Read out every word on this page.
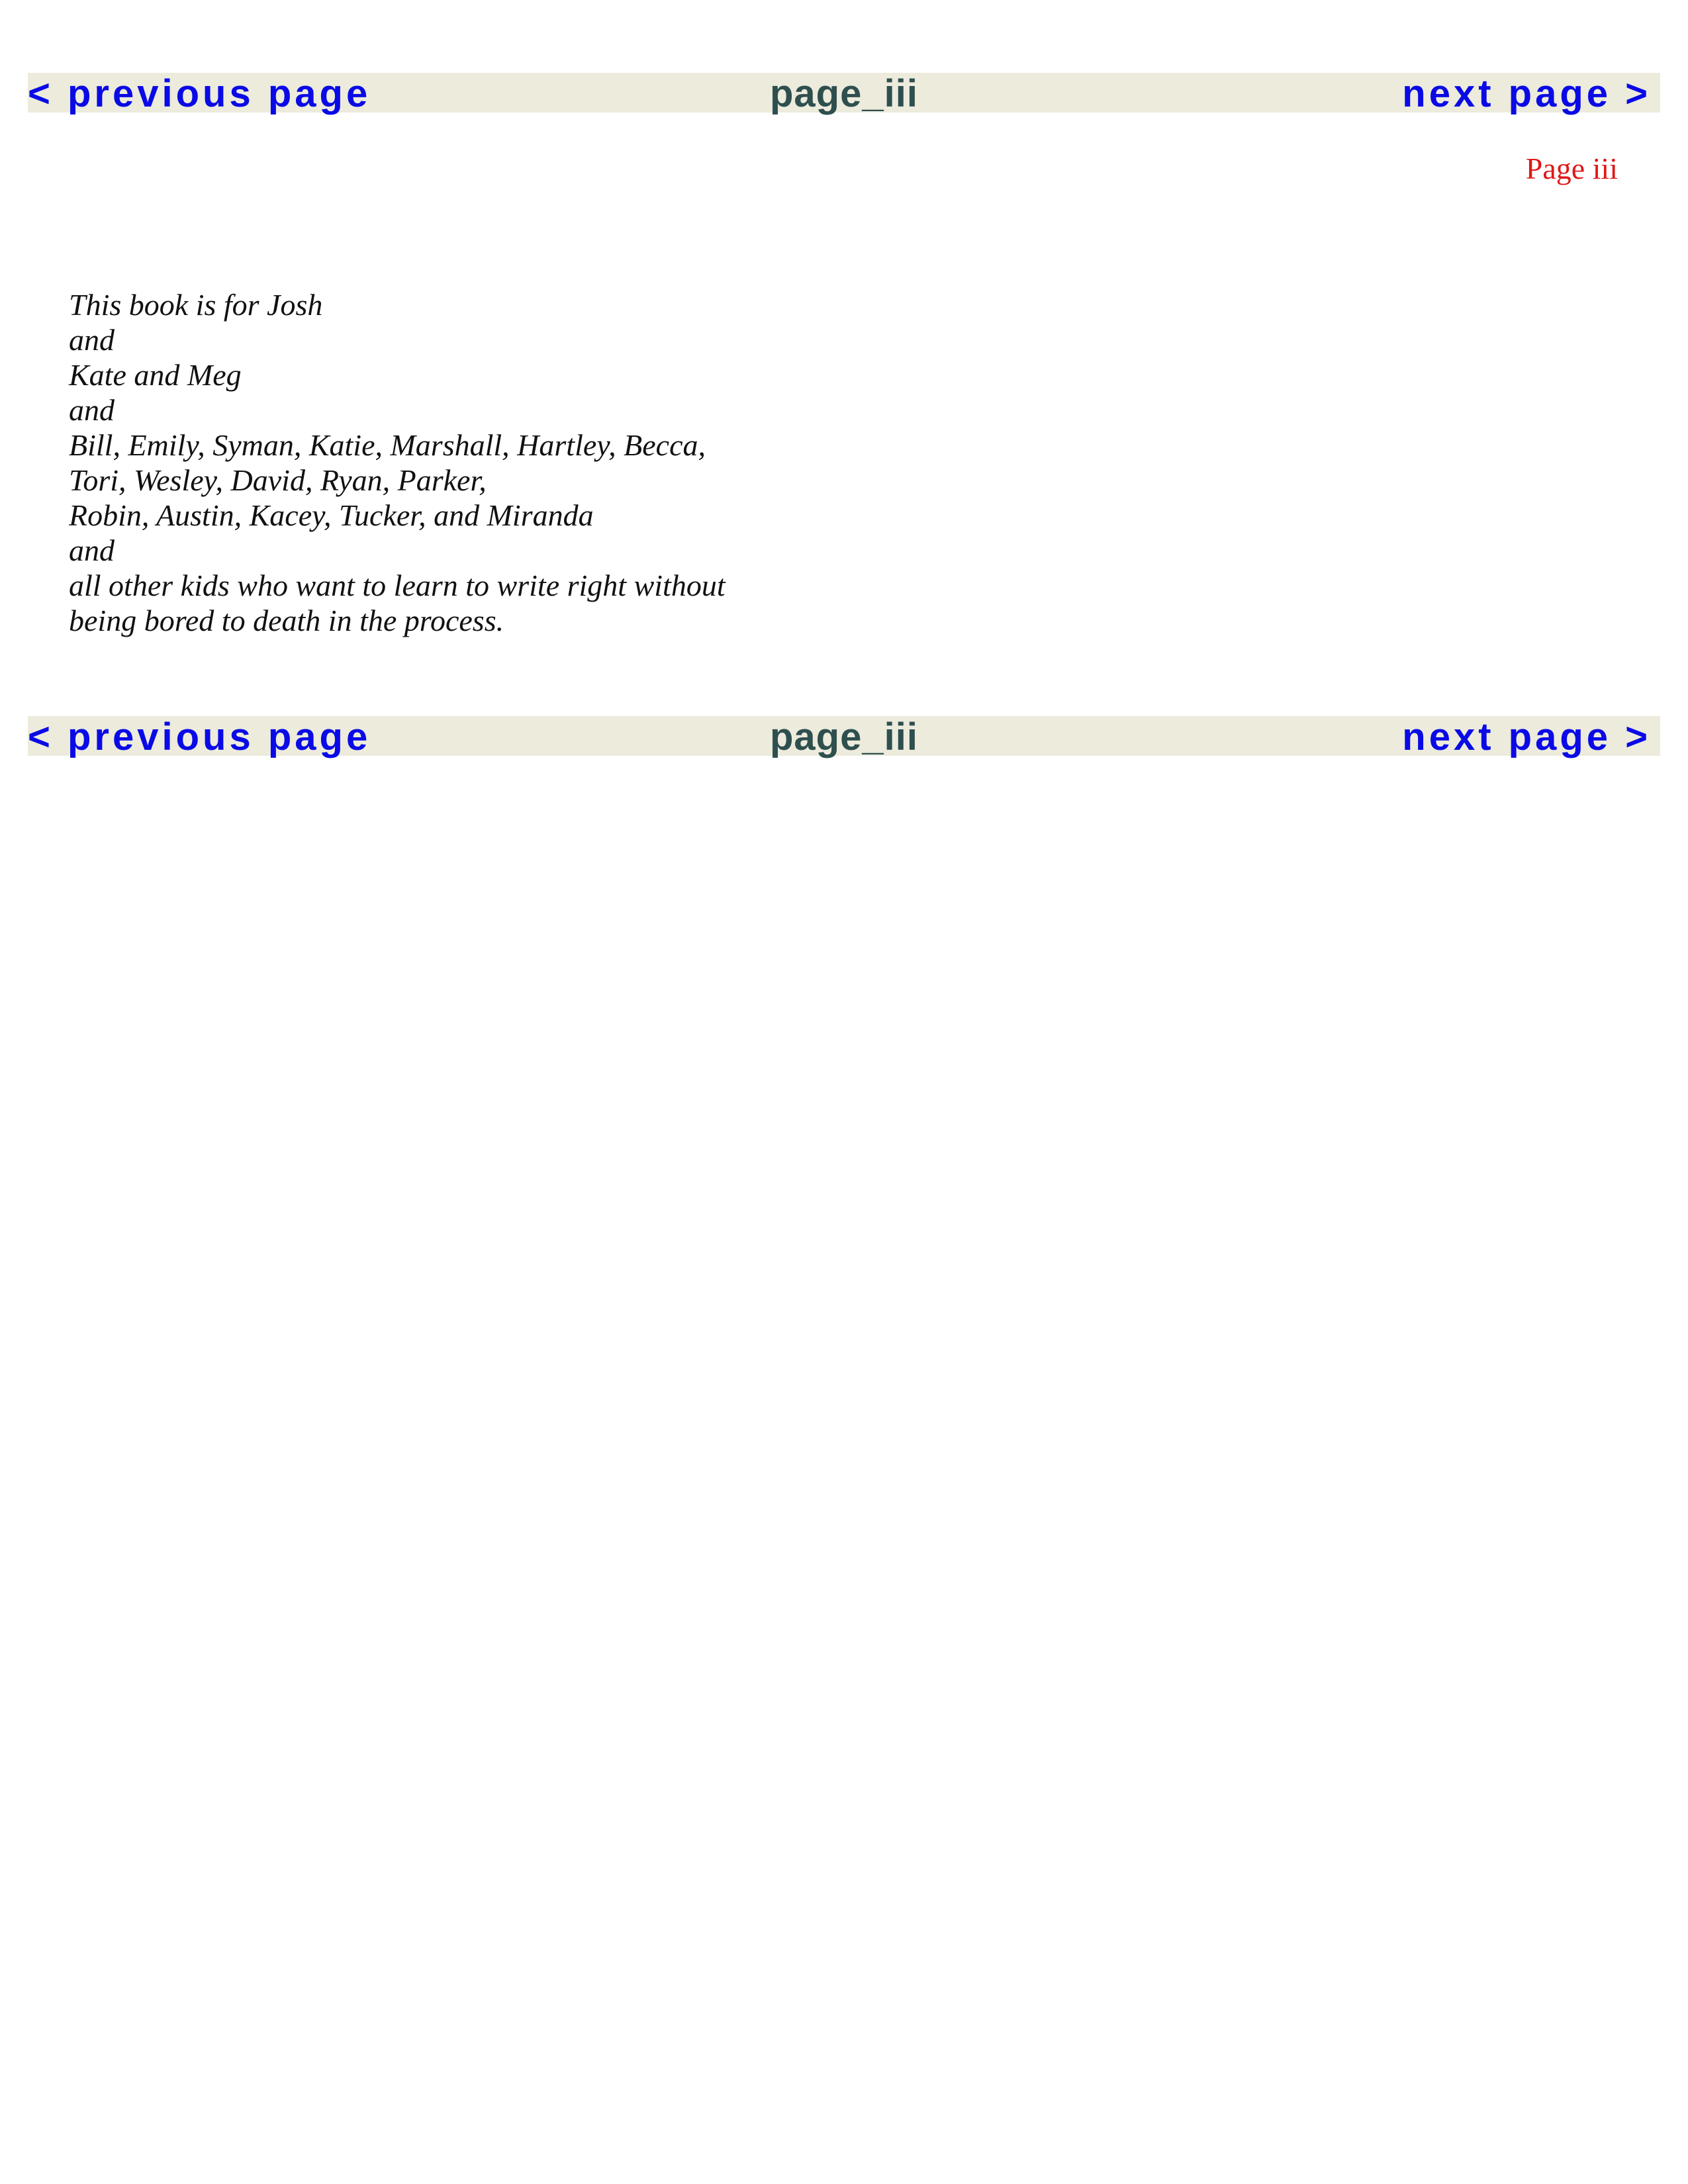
< previous page	page_iii	next page >
Page iii
This book is for Josh
and
Kate and Meg
and
Bill, Emily, Syman, Katie, Marshall, Hartley, Becca,
Tori, Wesley, David, Ryan, Parker,
Robin, Austin, Kacey, Tucker, and Miranda
and
all other kids who want to learn to write right without
being bored to death in the process.
< previous page	page_iii	next page >
